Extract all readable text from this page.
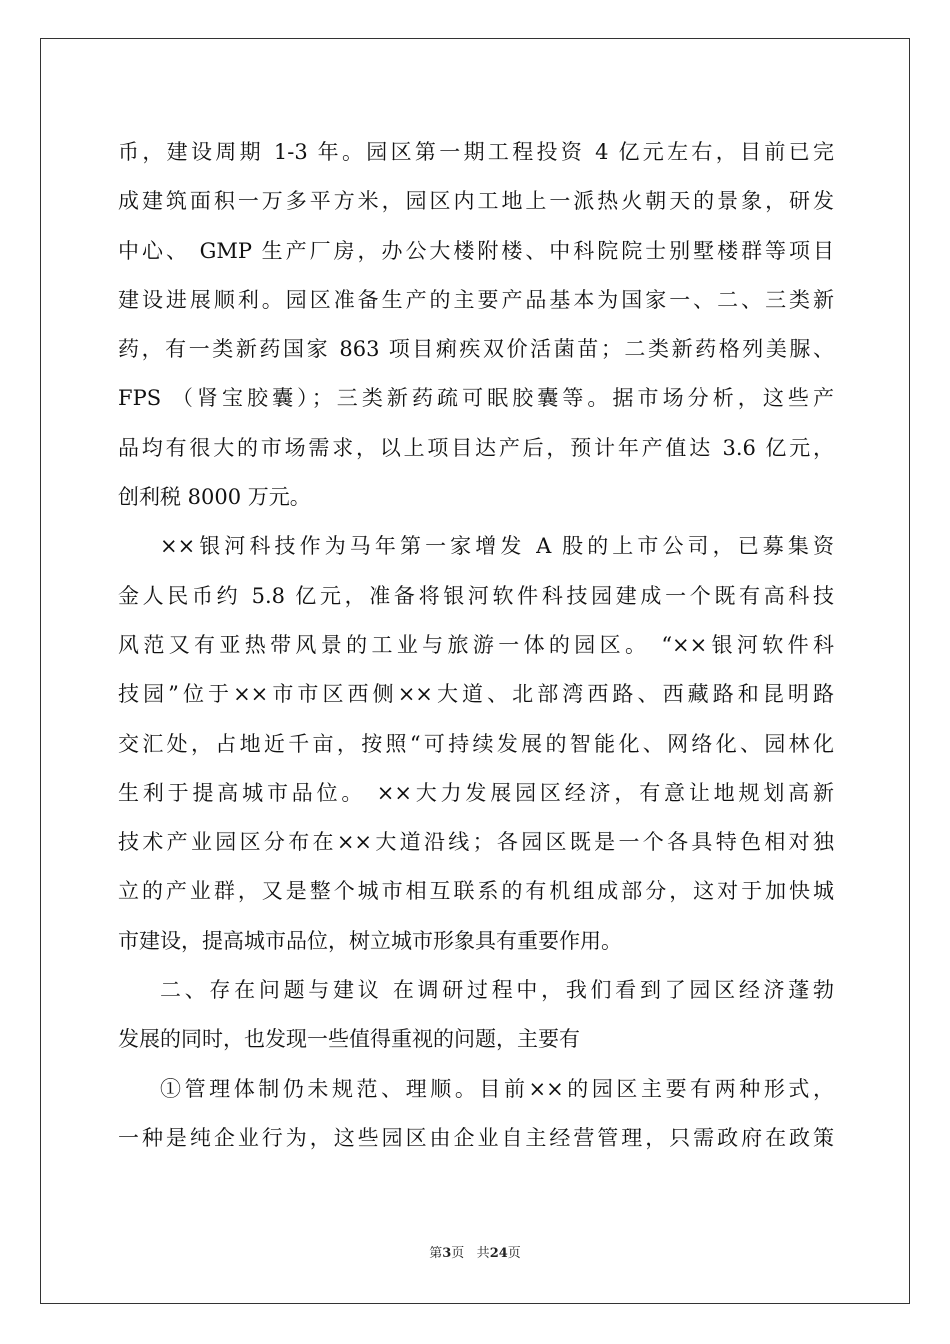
币，建设周期 1-3 年。园区第一期工程投资 4 亿元左右，目前已完
成建筑面积一万多平方米，园区内工地上一派热火朝天的景象，研发
中心、 GMP 生产厂房，办公大楼附楼、中科院院士别墅楼群等项目
建设进展顺利。园区准备生产的主要产品基本为国家一、二、三类新
药，有一类新药国家 863 项目痢疾双价活菌苗；二类新药格列美脲、
FPS （肾宝胶囊）；三类新药疏可眠胶囊等。据市场分析，这些产
品均有很大的市场需求，以上项目达产后，预计年产值达 3.6 亿元，
创利税 8000 万元。
××银河科技作为马年第一家增发 A 股的上市公司，已募集资
金人民币约 5.8 亿元，准备将银河软件科技园建成一个既有高科技
风范又有亚热带风景的工业与旅游一体的园区。 “××银河软件科
技园”位于××市市区西侧××大道、北部湾西路、西藏路和昆明路
交汇处，占地近千亩，按照“可持续发展的智能化、网络化、园林化
生利于提高城市品位。 ××大力发展园区经济，有意让地规划高新
技术产业园区分布在××大道沿线；各园区既是一个各具特色相对独
立的产业群，又是整个城市相互联系的有机组成部分，这对于加快城
市建设，提高城市品位，树立城市形象具有重要作用。
二、存在问题与建议 在调研过程中，我们看到了园区经济蓬勃
发展的同时，也发现一些值得重视的问题，主要有
①管理体制仍未规范、理顺。目前××的园区主要有两种形式，
一种是纯企业行为，这些园区由企业自主经营管理，只需政府在政策
第3页 共24页
